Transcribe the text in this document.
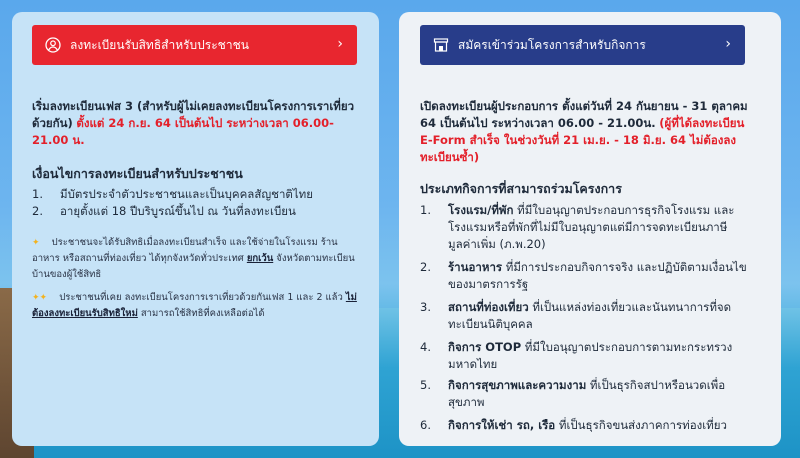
ลงทะเบียนรับสิทธิสำหรับประชาชน	›
เริ่มลงทะเบียนเฟส 3 (สำหรับผู้ไม่เคยลงทะเบียนโครงการเราเที่ยวด้วยกัน) ตั้งแต่ 24 ก.ย. 64 เป็นต้นไป ระหว่างเวลา 06.00-21.00 น.
เงื่อนไขการลงทะเบียนสำหรับประชาชน
1. มีบัตรประจำตัวประชาชนและเป็นบุคคลสัญชาติไทย
2. อายุตั้งแต่ 18 ปีบริบูรณ์ขึ้นไป ณ วันที่ลงทะเบียน
✦ ประชาชนจะได้รับสิทธิเมื่อลงทะเบียนสำเร็จ และใช้จ่ายในโรงแรม ร้านอาหาร หรือสถานที่ท่องเที่ยว ได้ทุกจังหวัดทั่วประเทศ ยกเว้น จังหวัดตามทะเบียนบ้านของผู้ใช้สิทธิ
✦✦ ประชาชนที่เคย ลงทะเบียนโครงการเราเที่ยวด้วยกันเฟส 1 และ 2 แล้ว ไม่ต้องลงทะเบียนรับสิทธิใหม่ สามารถใช้สิทธิที่คงเหลือต่อได้
สมัครเข้าร่วมโครงการสำหรับกิจการ	›
เปิดลงทะเบียนผู้ประกอบการ ตั้งแต่วันที่ 24 กันยายน - 31 ตุลาคม 64 เป็นต้นไป ระหว่างเวลา 06.00 - 21.00น. (ผู้ที่ได้ลงทะเบียน E-Form สำเร็จ ในช่วงวันที่ 21 เม.ย. - 18 มิ.ย. 64 ไม่ต้องลงทะเบียนซ้ำ)
ประเภทกิจการที่สามารถร่วมโครงการ
1. โรงแรม/ที่พัก ที่มีใบอนุญาตประกอบการธุรกิจโรงแรม และโรงแรมหรือที่พักที่ไม่มีใบอนุญาตแต่มีการจดทะเบียนภาษีมูลค่าเพิ่ม (ภ.พ.20)
2. ร้านอาหาร ที่มีการประกอบกิจการจริง และปฏิบัติตามเงื่อนไขของมาตรการรัฐ
3. สถานที่ท่องเที่ยว ที่เป็นแหล่งท่องเที่ยวและนันทนาการที่จดทะเบียนนิติบุคคล
4. กิจการ OTOP ที่มีใบอนุญาตประกอบการตามทะกระทรวงมหาดไทย
5. กิจการสุขภาพและความงาม ที่เป็นธุรกิจสปาหรือนวดเพื่อสุขภาพ
6. กิจการให้เช่า รถ, เรือ ที่เป็นธุรกิจขนส่งภาคการท่องเที่ยว
